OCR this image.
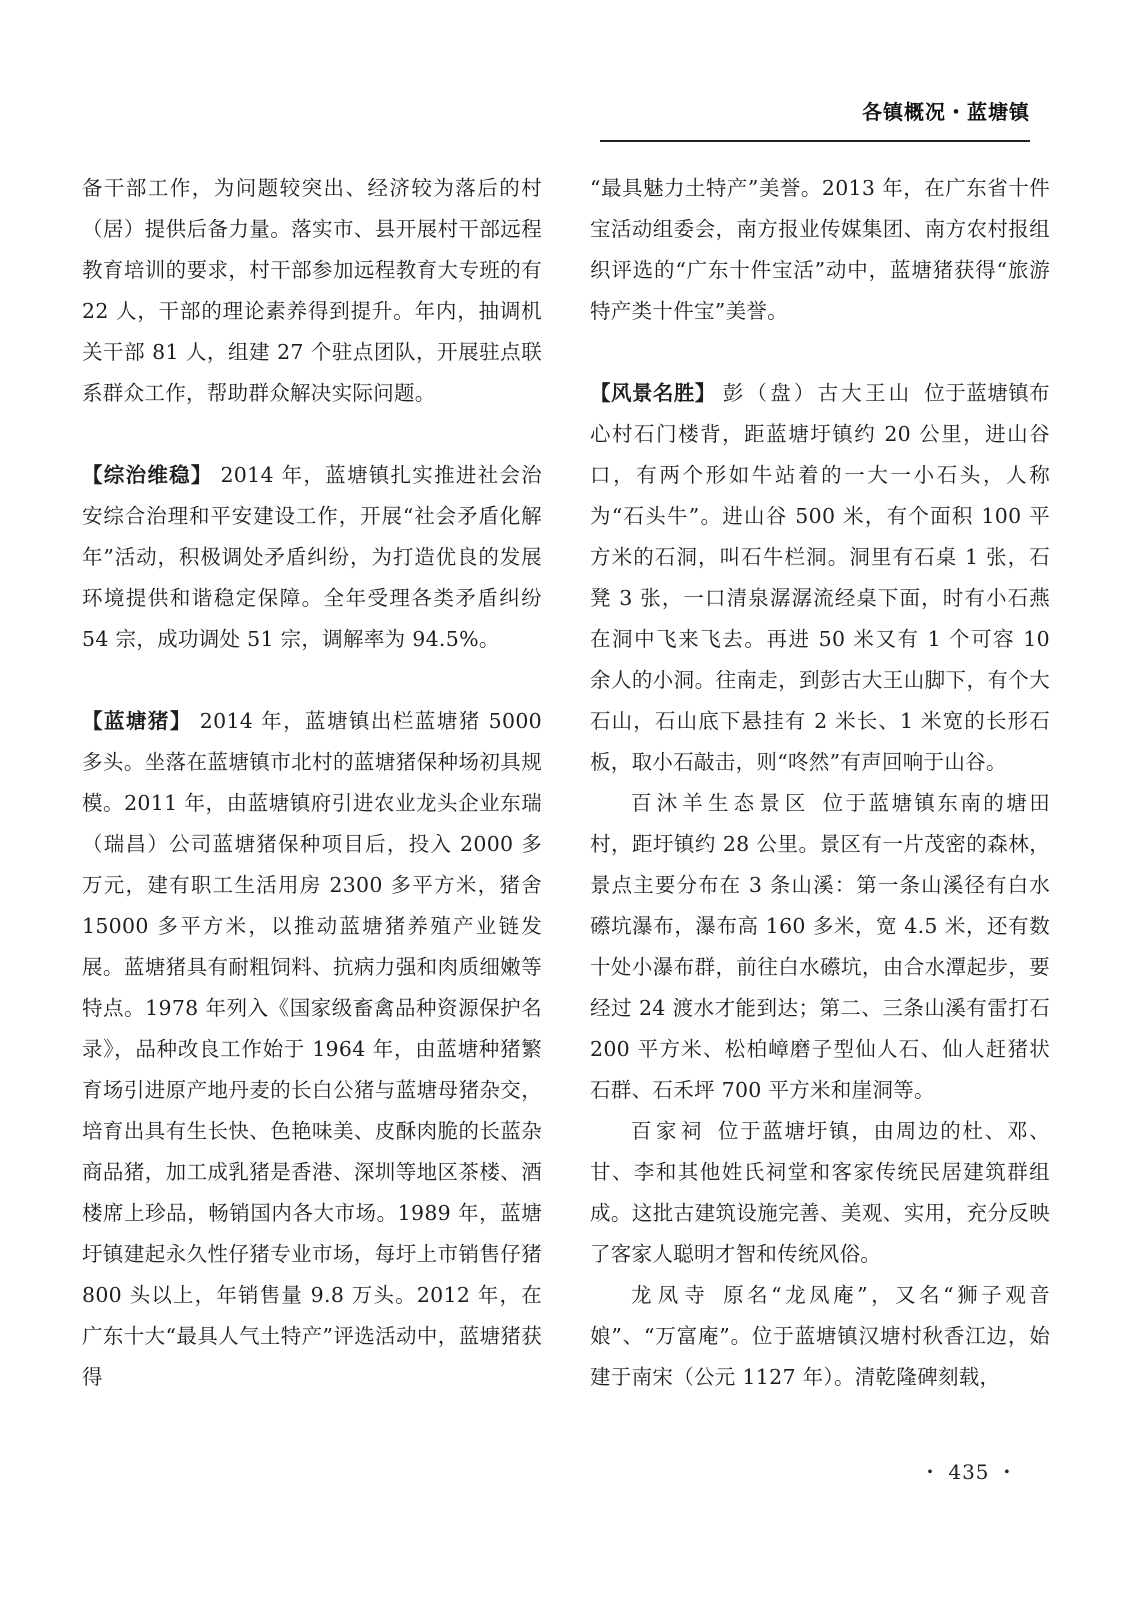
各镇概况・蓝塘镇

备干部工作，为问题较突出、经济较为落后的村（居）提供后备力量。落实市、县开展村干部远程教育培训的要求，村干部参加远程教育大专班的有 22 人，干部的理论素养得到提升。年内，抽调机关干部 81 人，组建 27 个驻点团队，开展驻点联系群众工作，帮助群众解决实际问题。

【综治维稳】 2014 年，蓝塘镇扎实推进社会治安综合治理和平安建设工作，开展“社会矛盾化解年”活动，积极调处矛盾纠纷，为打造优良的发展环境提供和谐稳定保障。全年受理各类矛盾纠纷 54 宗，成功调处 51 宗，调解率为 94.5%。

【蓝塘猪】 2014 年，蓝塘镇出栏蓝塘猪 5000 多头。坐落在蓝塘镇市北村的蓝塘猪保种场初具规模。2011 年，由蓝塘镇府引进农业龙头企业东瑞（瑞昌）公司蓝塘猪保种项目后，投入 2000 多万元，建有职工生活用房 2300 多平方米，猪舍 15000 多平方米，以推动蓝塘猪养殖产业链发展。蓝塘猪具有耐粗饲料、抗病力强和肉质细嫩等特点。1978 年列入《国家级畜禽品种资源保护名录》，品种改良工作始于 1964 年，由蓝塘种猪繁育场引进原产地丹麦的长白公猪与蓝塘母猪杂交，培育出具有生长快、色艳味美、皮酥肉脆的长蓝杂商品猪，加工成乳猪是香港、深圳等地区茶楼、酒楼席上珍品，畅销国内各大市场。1989 年，蓝塘圩镇建起永久性仔猪专业市场，每圩上市销售仔猪 800 头以上，年销售量 9.8 万头。2012 年，在广东十大“最具人气土特产”评选活动中，蓝塘猪获得

“最具魅力土特产”美誉。2013 年，在广东省十件宝活动组委会，南方报业传媒集团、南方农村报组织评选的“广东十件宝活”动中，蓝塘猪获得“旅游特产类十件宝”美誉。

【风景名胜】 彭（盘）古大王山 位于蓝塘镇布心村石门楼背，距蓝塘圩镇约 20 公里，进山谷口，有两个形如牛站着的一大一小石头，人称为“石头牛”。进山谷 500 米，有个面积 100 平方米的石洞，叫石牛栏洞。洞里有石桌 1 张，石凳 3 张，一口清泉潺潺流经桌下面，时有小石燕在洞中飞来飞去。再进 50 米又有 1 个可容 10 余人的小洞。往南走，到彭古大王山脚下，有个大石山，石山底下悬挂有 2 米长、1 米宽的长形石板，取小石敲击，则“咚然”有声回响于山谷。

百沐羊生态景区 位于蓝塘镇东南的塘田村，距圩镇约 28 公里。景区有一片茂密的森林，景点主要分布在 3 条山溪：第一条山溪径有白水礤坑瀑布，瀑布高 160 多米，宽 4.5 米，还有数十处小瀑布群，前往白水礤坑，由合水潭起步，要经过 24 渡水才能到达；第二、三条山溪有雷打石 200 平方米、松柏嶂磨子型仙人石、仙人赶猪状石群、石禾坪 700 平方米和崖洞等。

百家祠 位于蓝塘圩镇，由周边的杜、邓、甘、李和其他姓氏祠堂和客家传统民居建筑群组成。这批古建筑设施完善、美观、实用，充分反映了客家人聪明才智和传统风俗。

龙凤寺 原名“龙凤庵”，又名“狮子观音娘”、“万富庵”。位于蓝塘镇汉塘村秋香江边，始建于南宋（公元 1127 年）。清乾隆碑刻载，

・ 435 ・
